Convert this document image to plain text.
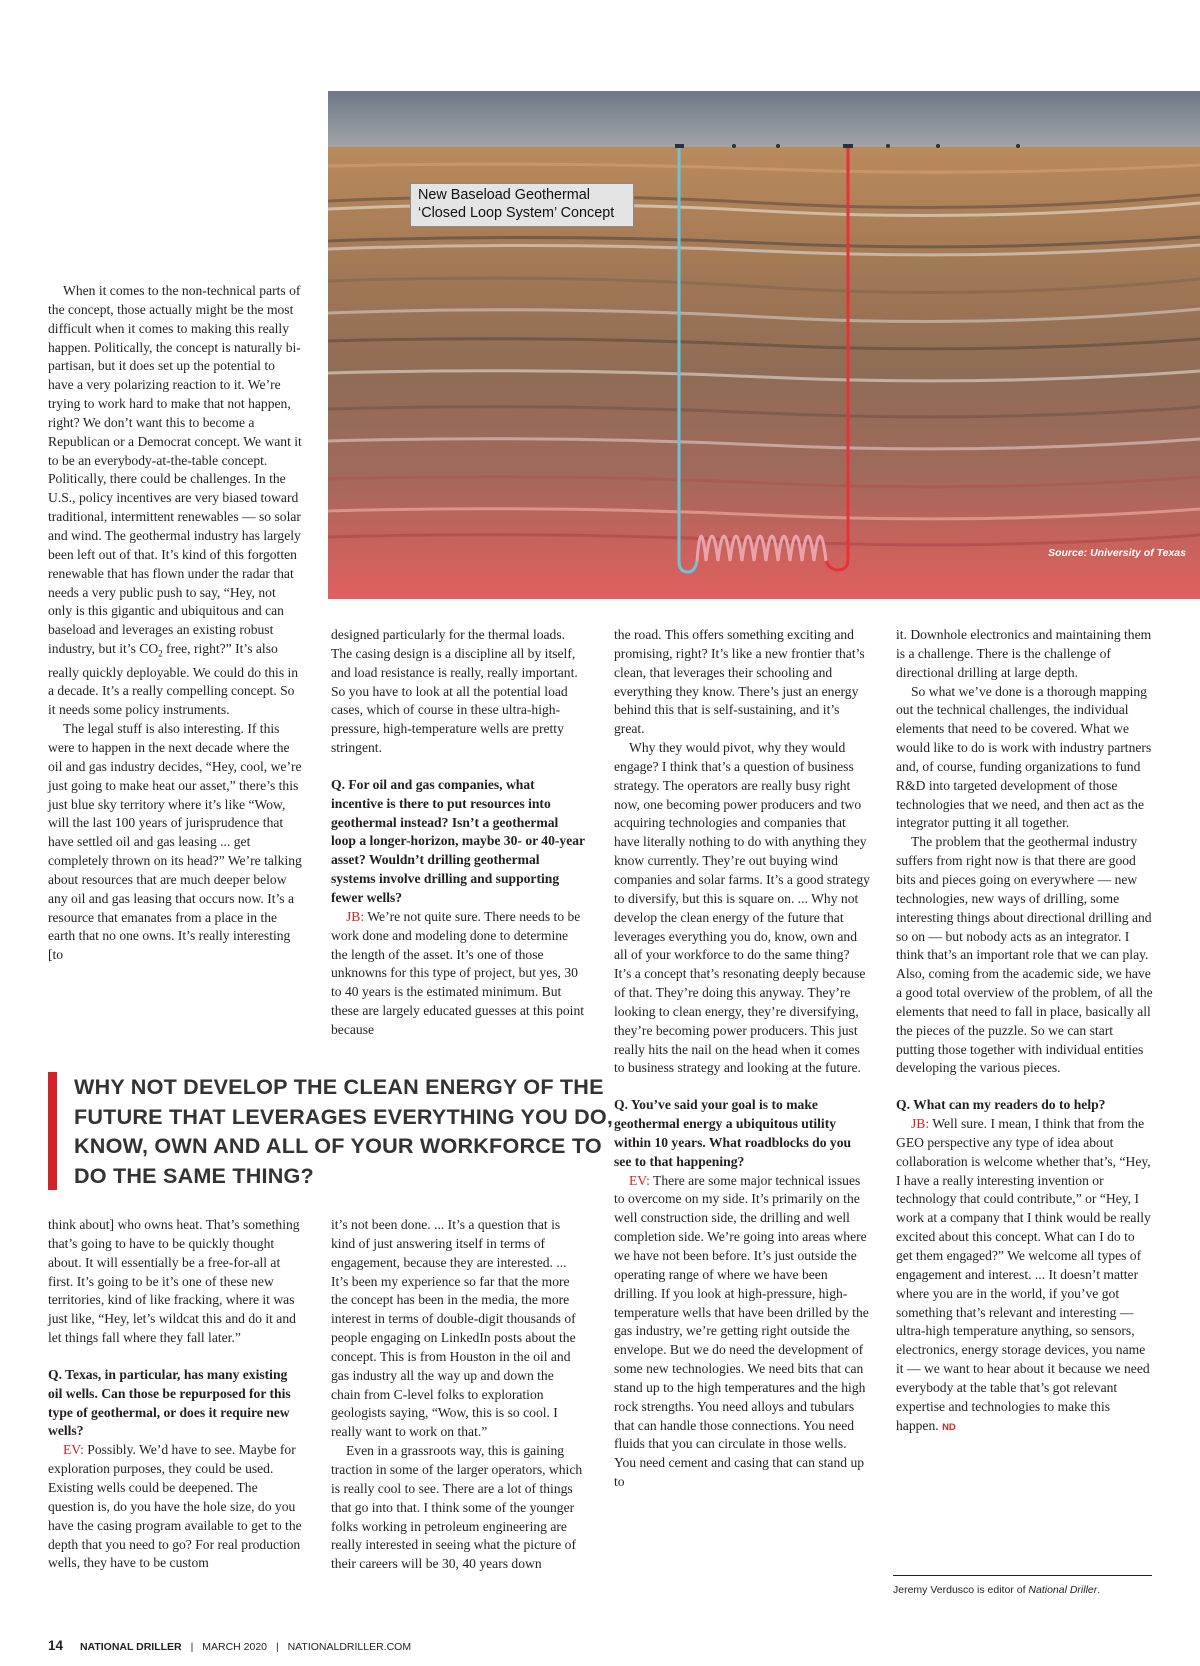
New Baseload Geothermal
‘Closed Loop System’ Concept
Source: University of Texas

When it comes to the non-technical parts of the concept, those actually might be the most difficult when it comes to making this really happen. Politically, the concept is naturally bi-partisan, but it does set up the potential to have a very polarizing reaction to it. We’re trying to work hard to make that not happen, right? We don’t want this to become a Republican or a Democrat concept. We want it to be an everybody-at-the-table concept. Politically, there could be challenges. In the U.S., policy incentives are very biased toward traditional, intermittent renewables — so solar and wind. The geothermal industry has largely been left out of that. It’s kind of this forgotten renewable that has flown under the radar that needs a very public push to say, “Hey, not only is this gigantic and ubiquitous and can baseload and leverages an existing robust industry, but it’s $CO_2$ free, right?” It’s also really quickly deployable. We could do this in a decade. It’s a really compelling concept. So it needs some policy instruments.

The legal stuff is also interesting. If this were to happen in the next decade where the oil and gas industry decides, “Hey, cool, we’re just going to make heat our asset,” there’s this just blue sky territory where it’s like “Wow, will the last 100 years of jurisprudence that have settled oil and gas leasing ... get completely thrown on its head?” We’re talking about resources that are much deeper below any oil and gas leasing that occurs now. It’s a resource that emanates from a place in the earth that no one owns. It’s really interesting [to

designed particularly for the thermal loads. The casing design is a discipline all by itself, and load resistance is really, really important. So you have to look at all the potential load cases, which of course in these ultra-high-pressure, high-temperature wells are pretty stringent.

Q. For oil and gas companies, what incentive is there to put resources into geothermal instead? Isn’t a geothermal loop a longer-horizon, maybe 30- or 40-year asset? Wouldn’t drilling geothermal systems involve drilling and supporting fewer wells?

JB: We’re not quite sure. There needs to be work done and modeling done to determine the length of the asset. It’s one of those unknowns for this type of project, but yes, 30 to 40 years is the estimated minimum. But these are largely educated guesses at this point because

the road. This offers something exciting and promising, right? It’s like a new frontier that’s clean, that leverages their schooling and everything they know. There’s just an energy behind this that is self-sustaining, and it’s great.

Why they would pivot, why they would engage? I think that’s a question of business strategy. The operators are really busy right now, one becoming power producers and two acquiring technologies and companies that have literally nothing to do with anything they know currently. They’re out buying wind companies and solar farms. It’s a good strategy to diversify, but this is square on. ... Why not develop the clean energy of the future that leverages everything you do, know, own and all of your workforce to do the same thing? It’s a concept that’s resonating deeply because of that. They’re doing this anyway. They’re looking to clean energy, they’re diversifying, they’re becoming power producers. This just really hits the nail on the head when it comes to business strategy and looking at the future.

Q. You’ve said your goal is to make geothermal energy a ubiquitous utility within 10 years. What roadblocks do you see to that happening?

EV: There are some major technical issues to overcome on my side. It’s primarily on the well construction side, the drilling and well completion side. We’re going into areas where we have not been before. It’s just outside the operating range of where we have been drilling. If you look at high-pressure, high-temperature wells that have been drilled by the gas industry, we’re getting right outside the envelope. But we do need the development of some new technologies. We need bits that can stand up to the high temperatures and the high rock strengths. You need alloys and tubulars that can handle those connections. You need fluids that you can circulate in those wells. You need cement and casing that can stand up to

it. Downhole electronics and maintaining them is a challenge. There is the challenge of directional drilling at large depth.

So what we’ve done is a thorough mapping out the technical challenges, the individual elements that need to be covered. What we would like to do is work with industry partners and, of course, funding organizations to fund R&D into targeted development of those technologies that we need, and then act as the integrator putting it all together.

The problem that the geothermal industry suffers from right now is that there are good bits and pieces going on everywhere — new technologies, new ways of drilling, some interesting things about directional drilling and so on — but nobody acts as an integrator. I think that’s an important role that we can play. Also, coming from the academic side, we have a good total overview of the problem, of all the elements that need to fall in place, basically all the pieces of the puzzle. So we can start putting those together with individual entities developing the various pieces.

Q. What can my readers do to help?

JB: Well sure. I mean, I think that from the GEO perspective any type of idea about collaboration is welcome whether that’s, “Hey, I have a really interesting invention or technology that could contribute,” or “Hey, I work at a company that I think would be really excited about this concept. What can I do to get them engaged?” We welcome all types of engagement and interest. ... It doesn’t matter where you are in the world, if you’ve got something that’s relevant and interesting — ultra-high temperature anything, so sensors, electronics, energy storage devices, you name it — we want to hear about it because we need everybody at the table that’s got relevant expertise and technologies to make this happen. ND

WHY NOT DEVELOP THE CLEAN ENERGY OF THE FUTURE THAT LEVERAGES EVERYTHING YOU DO, KNOW, OWN AND ALL OF YOUR WORKFORCE TO DO THE SAME THING?

think about] who owns heat. That’s something that’s going to have to be quickly thought about. It will essentially be a free-for-all at first. It’s going to be it’s one of these new territories, kind of like fracking, where it was just like, “Hey, let’s wildcat this and do it and let things fall where they fall later.”

Q. Texas, in particular, has many existing oil wells. Can those be repurposed for this type of geothermal, or does it require new wells?

EV: Possibly. We’d have to see. Maybe for exploration purposes, they could be used. Existing wells could be deepened. The question is, do you have the hole size, do you have the casing program available to get to the depth that you need to go? For real production wells, they have to be custom

it’s not been done. ... It’s a question that is kind of just answering itself in terms of engagement, because they are interested. ... It’s been my experience so far that the more the concept has been in the media, the more interest in terms of double-digit thousands of people engaging on LinkedIn posts about the concept. This is from Houston in the oil and gas industry all the way up and down the chain from C-level folks to exploration geologists saying, “Wow, this is so cool. I really want to work on that.”

Even in a grassroots way, this is gaining traction in some of the larger operators, which is really cool to see. There are a lot of things that go into that. I think some of the younger folks working in petroleum engineering are really interested in seeing what the picture of their careers will be 30, 40 years down

Jeremy Verdusco is editor of National Driller.
14 NATIONAL DRILLER | MARCH 2020 | NATIONALDRILLER.COM
